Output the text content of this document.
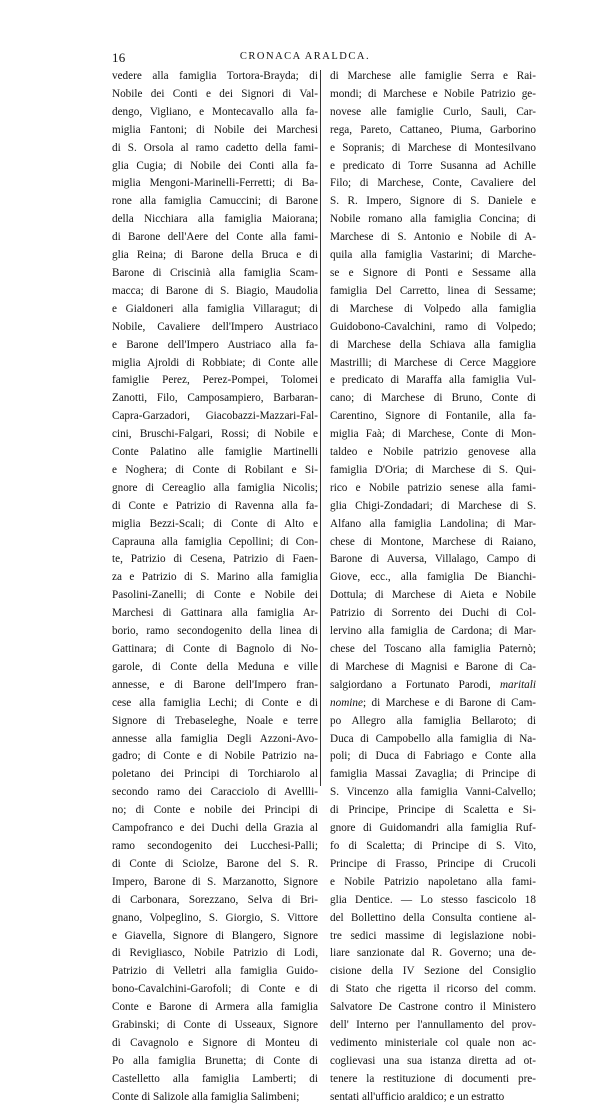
16	CRONACA ARALDCA.
vedere alla famiglia Tortora-Brayda; di
Nobile dei Conti e dei Signori di Val-
dengo, Vigliano, e Montecavallo alla fa-
miglia Fantoni; di Nobile dei Marchesi
di S. Orsola al ramo cadetto della fami-
glia Cugia; di Nobile dei Conti alla fa-
miglia Mengoni-Marinelli-Ferretti; di Ba-
rone alla famiglia Camuccini; di Barone
della Nicchiara alla famiglia Maiorana;
di Barone dell'Aere del Conte alla fami-
glia Reina; di Barone della Bruca e di
Barone di Criscinià alla famiglia Scam-
macca; di Barone di S. Biagio, Maudolia
e Gialdoneri alla famiglia Villaragut; di
Nobile, Cavaliere dell'Impero Austriaco
e Barone dell'Impero Austriaco alla fa-
miglia Ajroldi di Robbiate; di Conte alle
famiglie Perez, Perez-Pompei, Tolomei
Zanotti, Filo, Camposampiero, Barbaran-
Capra-Garzadori, Giacobazzi-Mazzari-Fal-
cini, Bruschi-Falgari, Rossi; di Nobile e
Conte Palatino alle famiglie Martinelli
e Noghera; di Conte di Robilant e Si-
gnore di Cereaglio alla famiglia Nicolis;
di Conte e Patrizio di Ravenna alla fa-
miglia Bezzi-Scali; di Conte di Alto e
Caprauna alla famiglia Cepollini; di Con-
te, Patrizio di Cesena, Patrizio di Faen-
za e Patrizio di S. Marino alla famiglia
Pasolini-Zanelli; di Conte e Nobile dei
Marchesi di Gattinara alla famiglia Ar-
borio, ramo secondogenito della linea di
Gattinara; di Conte di Bagnolo di No-
garole, di Conte della Meduna e ville
annesse, e di Barone dell'Impero fran-
cese alla famiglia Lechi; di Conte e di
Signore di Trebaseleghe, Noale e terre
annesse alla famiglia Degli Azzoni-Avo-
gadro; di Conte e di Nobile Patrizio na-
poletano dei Principi di Torchiarolo al
secondo ramo dei Caracciolo di Avellli-
no; di Conte e nobile dei Principi di
Campofranco e dei Duchi della Grazia al
ramo secondogenito dei Lucchesi-Palli;
di Conte di Sciolze, Barone del S. R.
Impero, Barone di S. Marzanotto, Signore
di Carbonara, Sorezzano, Selva di Bri-
gnano, Volpeglino, S. Giorgio, S. Vittore
e Giavella, Signore di Blangero, Signore
di Revigliasco, Nobile Patrizio di Lodi,
Patrizio di Velletri alla famiglia Guido-
bono-Cavalchini-Garofoli; di Conte e di
Conte e Barone di Armera alla famiglia
Grabinski; di Conte di Usseaux, Signore
di Cavagnolo e Signore di Monteu di
Po alla famiglia Brunetta; di Conte di
Castelletto alla famiglia Lamberti; di
Conte di Salizole alla famiglia Salimbeni;
di Marchese alle famiglie Serra e Rai-
mondi; di Marchese e Nobile Patrizio ge-
novese alle famiglie Curlo, Sauli, Car-
rega, Pareto, Cattaneo, Piuma, Garborino
e Sopranis; di Marchese di Montesilvano
e predicato di Torre Susanna ad Achille
Filo; di Marchese, Conte, Cavaliere del
S. R. Impero, Signore di S. Daniele e
Nobile romano alla famiglia Concina; di
Marchese di S. Antonio e Nobile di A-
quila alla famiglia Vastarini; di Marche-
se e Signore di Ponti e Sessame alla
famiglia Del Carretto, linea di Sessame;
di Marchese di Volpedo alla famiglia
Guidobono-Cavalchini, ramo di Volpedo;
di Marchese della Schiava alla famiglia
Mastrilli; di Marchese di Cerce Maggiore
e predicato di Maraffa alla famiglia Vul-
cano; di Marchese di Bruno, Conte di
Carentino, Signore di Fontanile, alla fa-
miglia Faà; di Marchese, Conte di Mon-
taldeo e Nobile patrizio genovese alla
famiglia D'Oria; di Marchese di S. Qui-
rico e Nobile patrizio senese alla fami-
glia Chigi-Zondadari; di Marchese di S.
Alfano alla famiglia Landolina; di Mar-
chese di Montone, Marchese di Raiano,
Barone di Auversa, Villalago, Campo di
Giove, ecc., alla famiglia De Bianchi-
Dottula; di Marchese di Aieta e Nobile
Patrizio di Sorrento dei Duchi di Col-
lervino alla famiglia de Cardona; di Mar-
chese del Toscano alla famiglia Paternò;
di Marchese di Magnisi e Barone di Ca-
salgiordano a Fortunato Parodi, maritali
nomine; di Marchese e di Barone di Cam-
po Allegro alla famiglia Bellaroto; di
Duca di Campobello alla famiglia di Na-
poli; di Duca di Fabriago e Conte alla
famiglia Massai Zavaglia; di Principe di
S. Vincenzo alla famiglia Vanni-Calvello;
di Principe, Principe di Scaletta e Si-
gnore di Guidomandri alla famiglia Ruf-
fo di Scaletta; di Principe di S. Vito,
Principe di Frasso, Principe di Crucoli
e Nobile Patrizio napoletano alla fami-
glia Dentice. — Lo stesso fascicolo 18
del Bollettino della Consulta contiene al-
tre sedici massime di legislazione nobi-
liare sanzionate dal R. Governo; una de-
cisione della IV Sezione del Consiglio
di Stato che rigetta il ricorso del comm.
Salvatore De Castrone contro il Ministero
dell' Interno per l'annullamento del prov-
vedimento ministeriale col quale non ac-
coglievasi una sua istanza diretta ad ot-
tenere la restituzione di documenti pre-
sentati all'ufficio araldico; e un estratto
